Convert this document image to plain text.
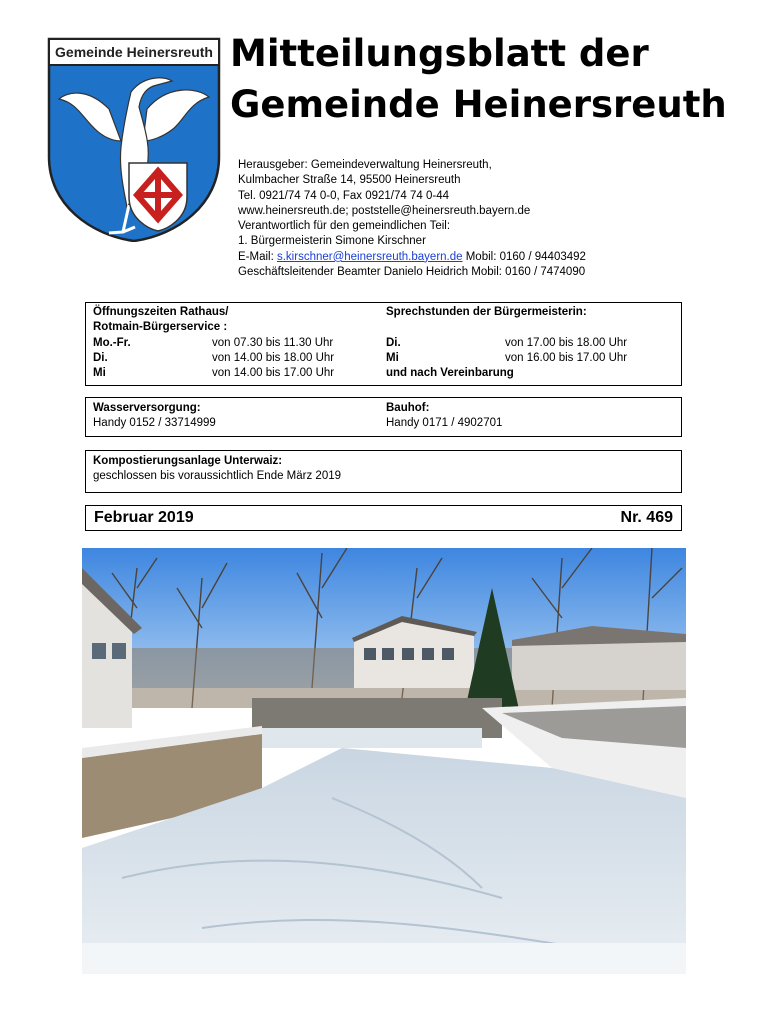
Gemeinde Heinersreuth Mitteilungsblatt der
Gemeinde Heinersreuth
Herausgeber: Gemeindeverwaltung Heinersreuth,
Kulmbacher Straße 14, 95500 Heinersreuth
Tel. 0921/74 74 0-0, Fax 0921/74 74 0-44
www.heinersreuth.de; poststelle@heinersreuth.bayern.de
Verantwortlich für den gemeindlichen Teil:
1. Bürgermeisterin Simone Kirschner
E-Mail: s.kirschner@heinersreuth.bayern.de Mobil: 0160 / 94403492
Geschäftsleitender Beamter Danielo Heidrich Mobil: 0160 / 7474090
Öffnungszeiten Rathaus/
Rotmain-Bürgerservice :
Mo.-Fr.	von 07.30 bis 11.30 Uhr
Di.	von 14.00 bis 18.00 Uhr
Mi	von 14.00 bis 17.00 Uhr
Sprechstunden der Bürgermeisterin:
Di.	von 17.00 bis 18.00 Uhr
Mi	von 16.00 bis 17.00 Uhr
und nach Vereinbarung
Wasserversorgung:
Handy 0152 / 33714999
Bauhof:
Handy 0171 / 4902701
Kompostierungsanlage Unterwaiz:
geschlossen bis voraussichtlich Ende März 2019
Februar 2019	Nr. 469
